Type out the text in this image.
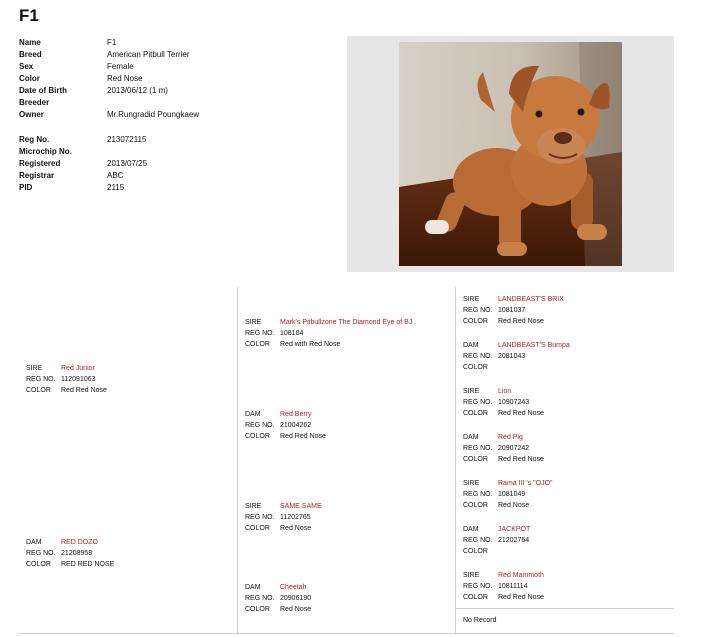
F1
Name	F1
Breed	American Pitbull Terrier
Sex	Female
Color	Red Nose
Date of Birth	2013/06/12 (1 m)
Breeder
Owner	Mr.Rungradid Poungkaew
Reg No.	213072115
Microchip No.
Registered	2013/07/25
Registrar	ABC
PID	2115
SIRE	Red Junior
REG NO. 112091063
COLOR	Red Red Nose
DAM	RED DOZO
REG NO. 21208958
COLOR	RED RED NOSE
SIRE	Mark's Pitbullzone The Diamond Eye of BJ
REG NO. 108104
COLOR	Red with Red Nose
DAM	Red Berry
REG NO. 21004262
COLOR	Red Red Nose
SIRE	SAME SAME
REG NO. 11202765
COLOR	Red Nose
DAM	Cheetah
REG NO. 20906190
COLOR	Red Nose
SIRE	LANDBEAST'S BRIX
REG NO. 1081037
COLOR	Red Red Nose
DAM	LANDBEAST'S Bumpa
REG NO. 2081043
COLOR
SIRE	Lion
REG NO. 10907243
COLOR	Red Red Nose
DAM	Red Pig
REG NO. 20907242
COLOR	Red Red Nose
SIRE	Rama III 's "OJO"
REG NO. 1081049
COLOR	Red Nose
DAM	JACKPOT
REG NO. 21202764
COLOR
SIRE	Red Mammoth
REG NO. 10811114
COLOR	Red Red Nose
No Record
